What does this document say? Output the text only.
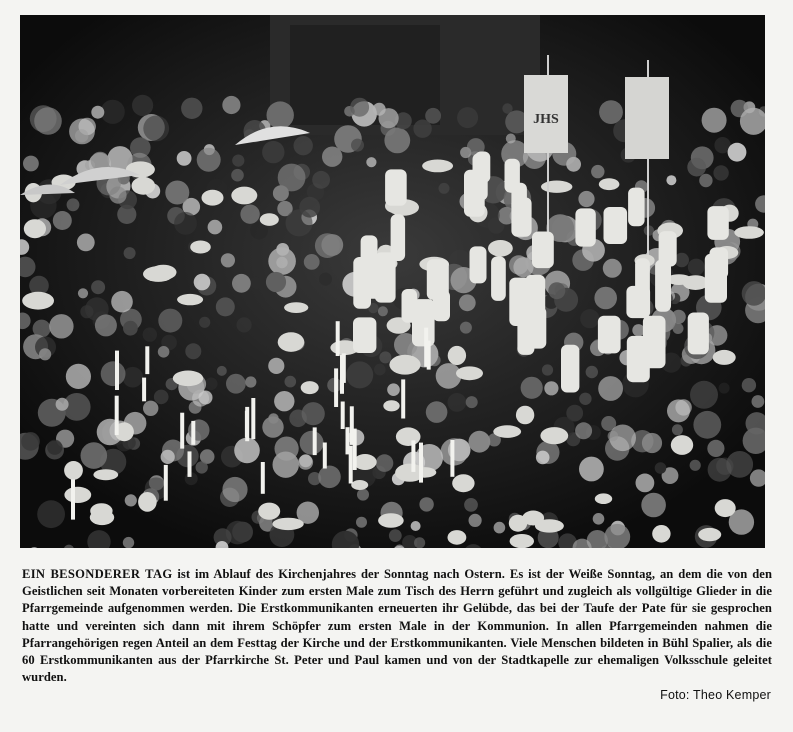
JHS

EIN BESONDERER TAG ist im Ablauf des Kirchenjahres der Sonntag nach Ostern. Es ist der Weiße Sonntag, an dem die von den Geistlichen seit Monaten vorbereiteten Kinder zum ersten Male zum Tisch des Herrn geführt und zugleich als vollgültige Glieder in die Pfarrgemeinde aufgenommen werden. Die Erstkommunikanten erneuerten ihr Gelübde, das bei der Taufe der Pate für sie gesprochen hatte und vereinten sich dann mit ihrem Schöpfer zum ersten Male in der Kommunion. In allen Pfarrgemeinden nahmen die Pfarrangehörigen regen Anteil an dem Festtag der Kirche und der Erstkommunikanten. Viele Menschen bildeten in Bühl Spalier, als die 60 Erstkommunikanten aus der Pfarrkirche St. Peter und Paul kamen und von der Stadtkapelle zur ehemaligen Volksschule geleitet wurden.

Foto: Theo Kemper
